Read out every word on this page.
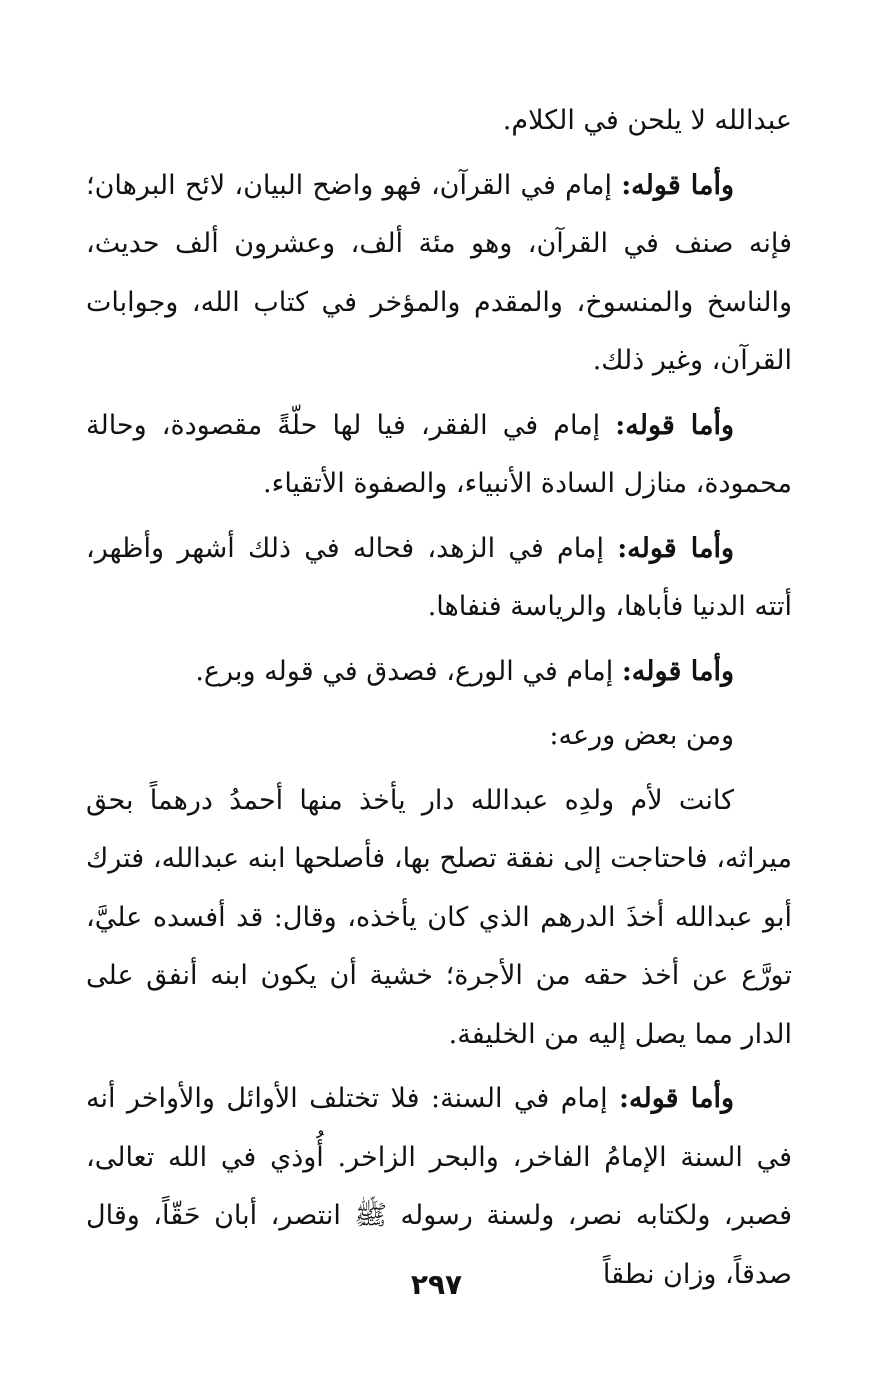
عبدالله لا يلحن في الكلام.

وأما قوله: إمام في القرآن، فهو واضح البيان، لائح البرهان؛ فإنه صنف في القرآن، وهو مئة ألف، وعشرون ألف حديث، والناسخ والمنسوخ، والمقدم والمؤخر في كتاب الله، وجوابات القرآن، وغير ذلك.

وأما قوله: إمام في الفقر، فيا لها حلّةً مقصودة، وحالة محمودة، منازل السادة الأنبياء، والصفوة الأتقياء.

وأما قوله: إمام في الزهد، فحاله في ذلك أشهر وأظهر، أتته الدنيا فأباها، والرياسة فنفاها.

وأما قوله: إمام في الورع، فصدق في قوله وبرع.

ومن بعض ورعه:

كانت لأم ولدِه عبدالله دار يأخذ منها أحمدُ درهماً بحق ميراثه، فاحتاجت إلى نفقة تصلح بها، فأصلحها ابنه عبدالله، فترك أبو عبدالله أخذَ الدرهم الذي كان يأخذه، وقال: قد أفسده عليَّ، تورَّع عن أخذ حقه من الأجرة؛ خشية أن يكون ابنه أنفق على الدار مما يصل إليه من الخليفة.

وأما قوله: إمام في السنة: فلا تختلف الأوائل والأواخر أنه في السنة الإمامُ الفاخر، والبحر الزاخر. أُوذي في الله تعالى، فصبر، ولكتابه نصر، ولسنة رسوله ﷺ انتصر، أبان حَقّاً، وقال صدقاً، وزان نطقاً

٢٩٧
